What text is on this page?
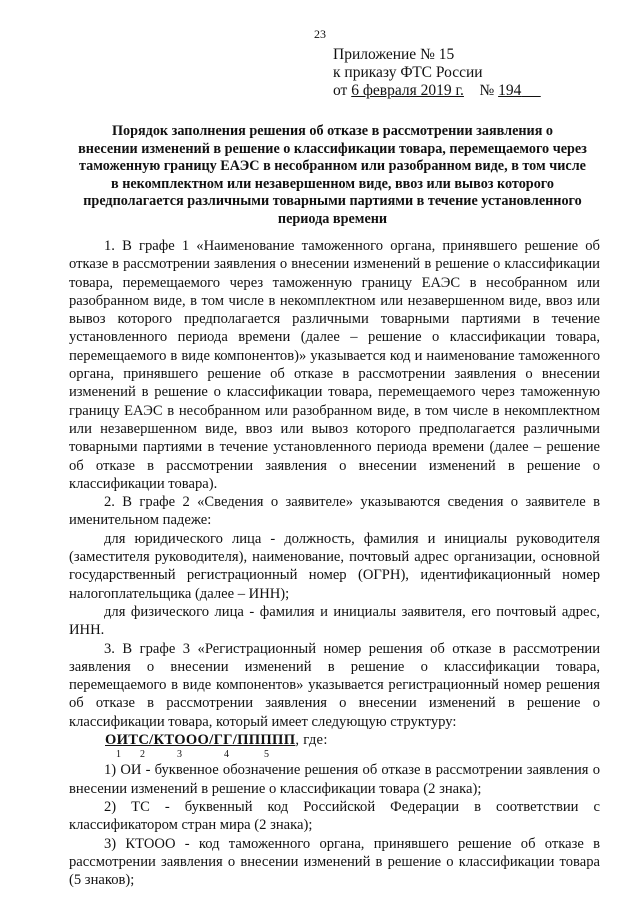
23
Приложение № 15
к приказу ФТС России
от 6 февраля 2019 г. № 194
Порядок заполнения решения об отказе в рассмотрении заявления о
внесении изменений в решение о классификации товара, перемещаемого через
таможенную границу ЕАЭС в несобранном или разобранном виде, в том числе
в некомплектном или незавершенном виде, ввоз или вывоз которого
предполагается различными товарными партиями в течение установленного
периода времени

1. В графе 1 «Наименование таможенного органа, принявшего решение об отказе в рассмотрении заявления о внесении изменений в решение о классификации товара, перемещаемого через таможенную границу ЕАЭС в несобранном или разобранном виде, в том числе в некомплектном или незавершенном виде, ввоз или вывоз которого предполагается различными товарными партиями в течение установленного периода времени (далее – решение о классификации товара, перемещаемого в виде компонентов)» указывается код и наименование таможенного органа, принявшего решение об отказе в рассмотрении заявления о внесении изменений в решение о классификации товара, перемещаемого через таможенную границу ЕАЭС в несобранном или разобранном виде, в том числе в некомплектном или незавершенном виде, ввоз или вывоз которого предполагается различными товарными партиями в течение установленного периода времени (далее – решение об отказе в рассмотрении заявления о внесении изменений в решение о классификации товара).

2. В графе 2 «Сведения о заявителе» указываются сведения о заявителе в именительном падеже:

для юридического лица - должность, фамилия и инициалы руководителя (заместителя руководителя), наименование, почтовый адрес организации, основной государственный регистрационный номер (ОГРН), идентификационный номер налогоплательщика (далее – ИНН);

для физического лица - фамилия и инициалы заявителя, его почтовый адрес, ИНН.

3. В графе 3 «Регистрационный номер решения об отказе в рассмотрении заявления о внесении изменений в решение о классификации товара, перемещаемого в виде компонентов» указывается регистрационный номер решения об отказе в рассмотрении заявления о внесении изменений в решение о классификации товара, который имеет следующую структуру:

ОИТС/КТООО/ГГ/ППППП, где:
1 2	3	4	5

1) ОИ - буквенное обозначение решения об отказе в рассмотрении заявления о внесении изменений в решение о классификации товара (2 знака);

2) ТС - буквенный код Российской Федерации в соответствии с классификатором стран мира (2 знака);

3) КТООО - код таможенного органа, принявшего решение об отказе в рассмотрении заявления о внесении изменений в решение о классификации товара (5 знаков);
